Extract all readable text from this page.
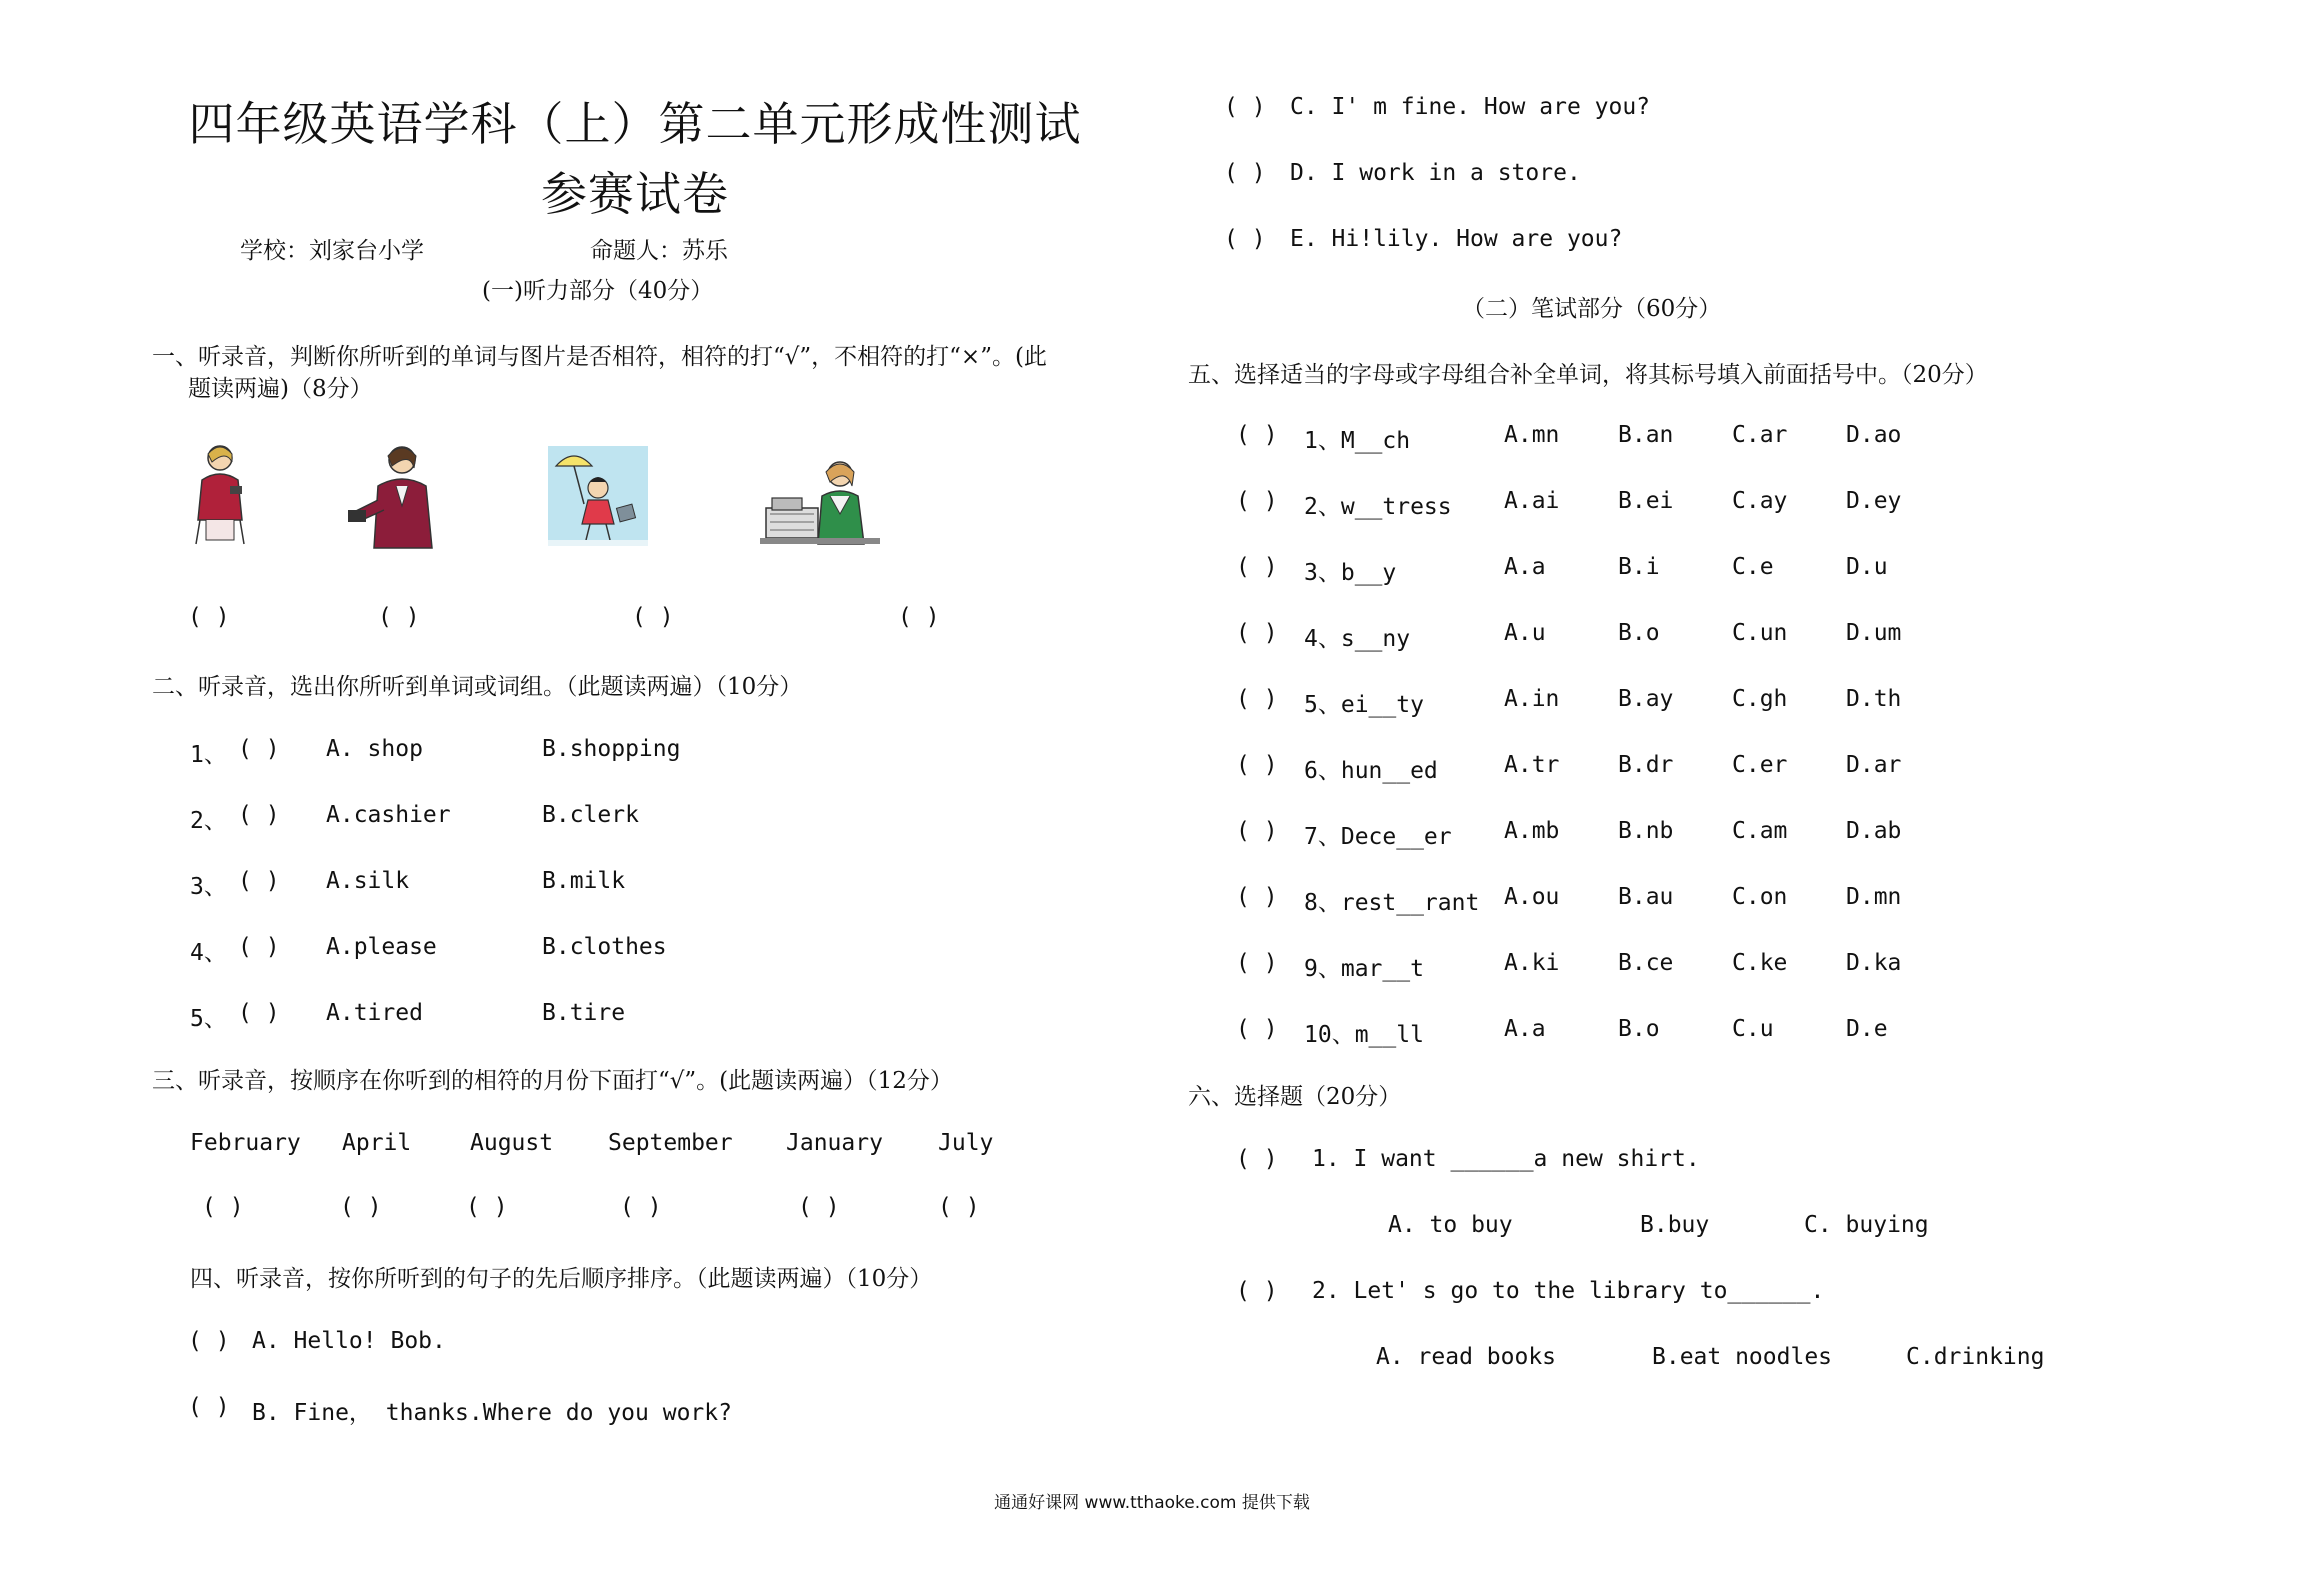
四年级英语学科（上）第二单元形成性测试
参赛试卷
学校：刘家台小学	命题人：苏乐
(一)听力部分（40分）
一、听录音，判断你所听到的单词与图片是否相符，相符的打“√”，不相符的打“×”。(此
题读两遍)（8分）
( )	( )	( )	( )
二、听录音，选出你所听到单词或词组。（此题读两遍）（10分）
1、 ( ) A. shop	B.shopping
2、 ( ) A.cashier	B.clerk
3、 ( ) A.silk	B.milk
4、 ( ) A.please	B.clothes
5、 ( ) A.tired	B.tire
三、听录音，按顺序在你听到的相符的月份下面打“√”。(此题读两遍）（12分）
February April	August September January July
( )	( )	( )	( )	( )	( )
四、听录音，按你所听到的句子的先后顺序排序。（此题读两遍）（10分）
( ) A. Hello! Bob.
( ) B. Fine， thanks.Where do you work?
( ) C. I' m fine. How are you?
( ) D. I work in a store.
( ) E. Hi!lily. How are you?
（二）笔试部分（60分）
五、选择适当的字母或字母组合补全单词，将其标号填入前面括号中。（20分）
( ) 1、M__ch	A.mn	B.an	C.ar	D.ao
( ) 2、w__tress A.ai	B.ei	C.ay	D.ey
( ) 3、b__y	A.a	B.i	C.e	D.u
( ) 4、s__ny	A.u	B.o	C.un	D.um
( ) 5、ei__ty	A.in	B.ay	C.gh	D.th
( ) 6、hun__ed	A.tr	B.dr	C.er	D.ar
( ) 7、Dece__er A.mb	B.nb	C.am	D.ab
( ) 8、rest__rant A.ou	B.au	C.on	D.mn
( ) 9、mar__t	A.ki	B.ce	C.ke	D.ka
( ) 10、m__ll	A.a	B.o	C.u	D.e
六、选择题（20分）
( ) 1. I want ______a new shirt.
A. to buy	B.buy	C. buying
( ) 2. Let' s go to the library to______.
A. read books	B.eat noodles	C.drinking
通通好课网 www.tthaoke.com 提供下载
